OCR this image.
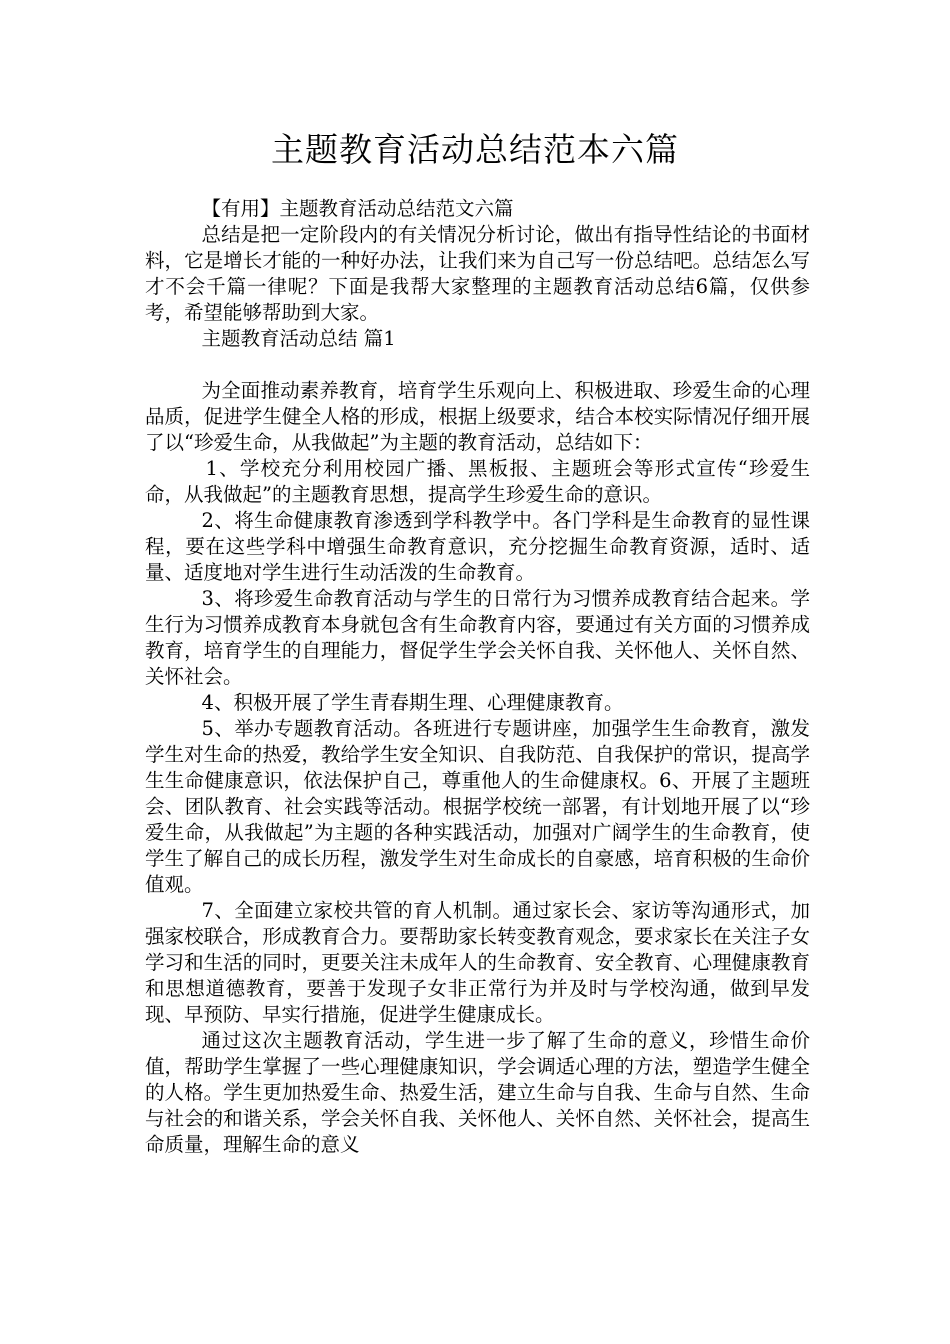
主题教育活动总结范本六篇

【有用】主题教育活动总结范文六篇

总结是把一定阶段内的有关情况分析讨论，做出有指导性结论的书面材料，它是增长才能的一种好办法，让我们来为自己写一份总结吧。总结怎么写才不会千篇一律呢？下面是我帮大家整理的主题教育活动总结6篇，仅供参考，希望能够帮助到大家。

主题教育活动总结 篇1

为全面推动素养教育，培育学生乐观向上、积极进取、珍爱生命的心理品质，促进学生健全人格的形成，根据上级要求，结合本校实际情况仔细开展了以“珍爱生命，从我做起”为主题的教育活动，总结如下：

1、学校充分利用校园广播、黑板报、主题班会等形式宣传“珍爱生命，从我做起”的主题教育思想，提高学生珍爱生命的意识。

2、将生命健康教育渗透到学科教学中。各门学科是生命教育的显性课程，要在这些学科中增强生命教育意识，充分挖掘生命教育资源，适时、适量、适度地对学生进行生动活泼的生命教育。

3、将珍爱生命教育活动与学生的日常行为习惯养成教育结合起来。学生行为习惯养成教育本身就包含有生命教育内容，要通过有关方面的习惯养成教育，培育学生的自理能力，督促学生学会关怀自我、关怀他人、关怀自然、关怀社会。

4、积极开展了学生青春期生理、心理健康教育。

5、举办专题教育活动。各班进行专题讲座，加强学生生命教育，激发学生对生命的热爱，教给学生安全知识、自我防范、自我保护的常识，提高学生生命健康意识，依法保护自己，尊重他人的生命健康权。6、开展了主题班会、团队教育、社会实践等活动。根据学校统一部署，有计划地开展了以“珍爱生命，从我做起”为主题的各种实践活动，加强对广阔学生的生命教育，使学生了解自己的成长历程，激发学生对生命成长的自豪感，培育积极的生命价值观。

7、全面建立家校共管的育人机制。通过家长会、家访等沟通形式，加强家校联合，形成教育合力。要帮助家长转变教育观念，要求家长在关注子女学习和生活的同时，更要关注未成年人的生命教育、安全教育、心理健康教育和思想道德教育，要善于发现子女非正常行为并及时与学校沟通，做到早发现、早预防、早实行措施，促进学生健康成长。

通过这次主题教育活动，学生进一步了解了生命的意义，珍惜生命价值，帮助学生掌握了一些心理健康知识，学会调适心理的方法，塑造学生健全的人格。学生更加热爱生命、热爱生活，建立生命与自我、生命与自然、生命与社会的和谐关系，学会关怀自我、关怀他人、关怀自然、关怀社会，提高生命质量，理解生命的意义
